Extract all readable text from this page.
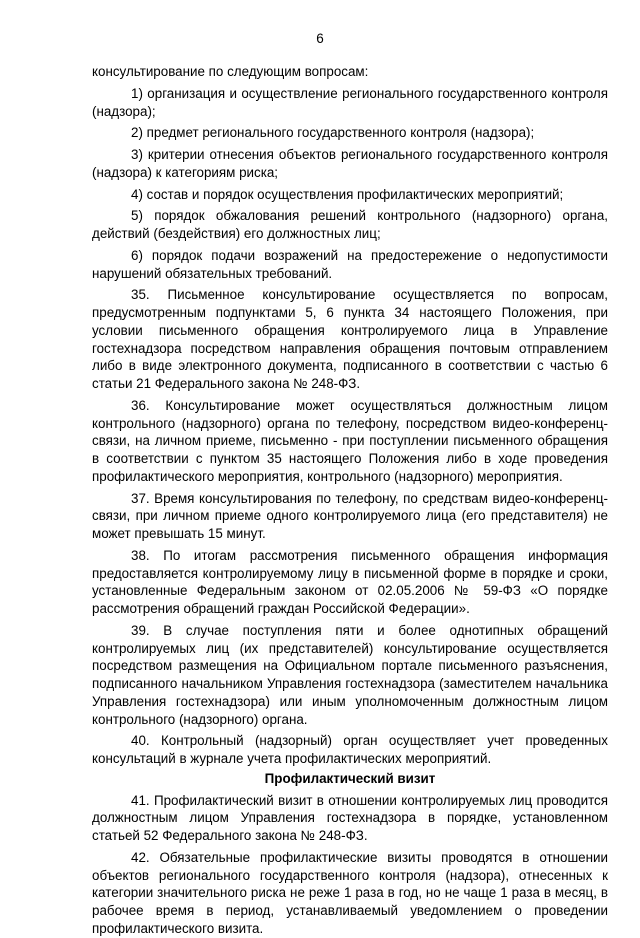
6

консультирование по следующим вопросам:

1) организация и осуществление регионального государственного контроля (надзора);

2) предмет регионального государственного контроля (надзора);

3) критерии отнесения объектов регионального государственного контроля (надзора) к категориям риска;

4) состав и порядок осуществления профилактических мероприятий;

5) порядок обжалования решений контрольного (надзорного) органа, действий (бездействия) его должностных лиц;

6) порядок подачи возражений на предостережение о недопустимости нарушений обязательных требований.

35. Письменное консультирование осуществляется по вопросам, предусмотренным подпунктами 5, 6 пункта 34 настоящего Положения, при условии письменного обращения контролируемого лица в Управление гостехнадзора посредством направления обращения почтовым отправлением либо в виде электронного документа, подписанного в соответствии с частью 6 статьи 21 Федерального закона № 248-ФЗ.

36. Консультирование может осуществляться должностным лицом контрольного (надзорного) органа по телефону, посредством видео-конференц-связи, на личном приеме, письменно - при поступлении письменного обращения в соответствии с пунктом 35 настоящего Положения либо в ходе проведения профилактического мероприятия, контрольного (надзорного) мероприятия.

37. Время консультирования по телефону, по средствам видео-конференц-связи, при личном приеме одного контролируемого лица (его представителя) не может превышать 15 минут.

38. По итогам рассмотрения письменного обращения информация предоставляется контролируемому лицу в письменной форме в порядке и сроки, установленные Федеральным законом от 02.05.2006 № 59-ФЗ «О порядке рассмотрения обращений граждан Российской Федерации».

39. В случае поступления пяти и более однотипных обращений контролируемых лиц (их представителей) консультирование осуществляется посредством размещения на Официальном портале письменного разъяснения, подписанного начальником Управления гостехнадзора (заместителем начальника Управления гостехнадзора) или иным уполномоченным должностным лицом контрольного (надзорного) органа.

40. Контрольный (надзорный) орган осуществляет учет проведенных консультаций в журнале учета профилактических мероприятий.

Профилактический визит

41. Профилактический визит в отношении контролируемых лиц проводится должностным лицом Управления гостехнадзора в порядке, установленном статьей 52 Федерального закона № 248-ФЗ.

42. Обязательные профилактические визиты проводятся в отношении объектов регионального государственного контроля (надзора), отнесенных к категории значительного риска не реже 1 раза в год, но не чаще 1 раза в месяц, в рабочее время в период, устанавливаемый уведомлением о проведении профилактического визита.
